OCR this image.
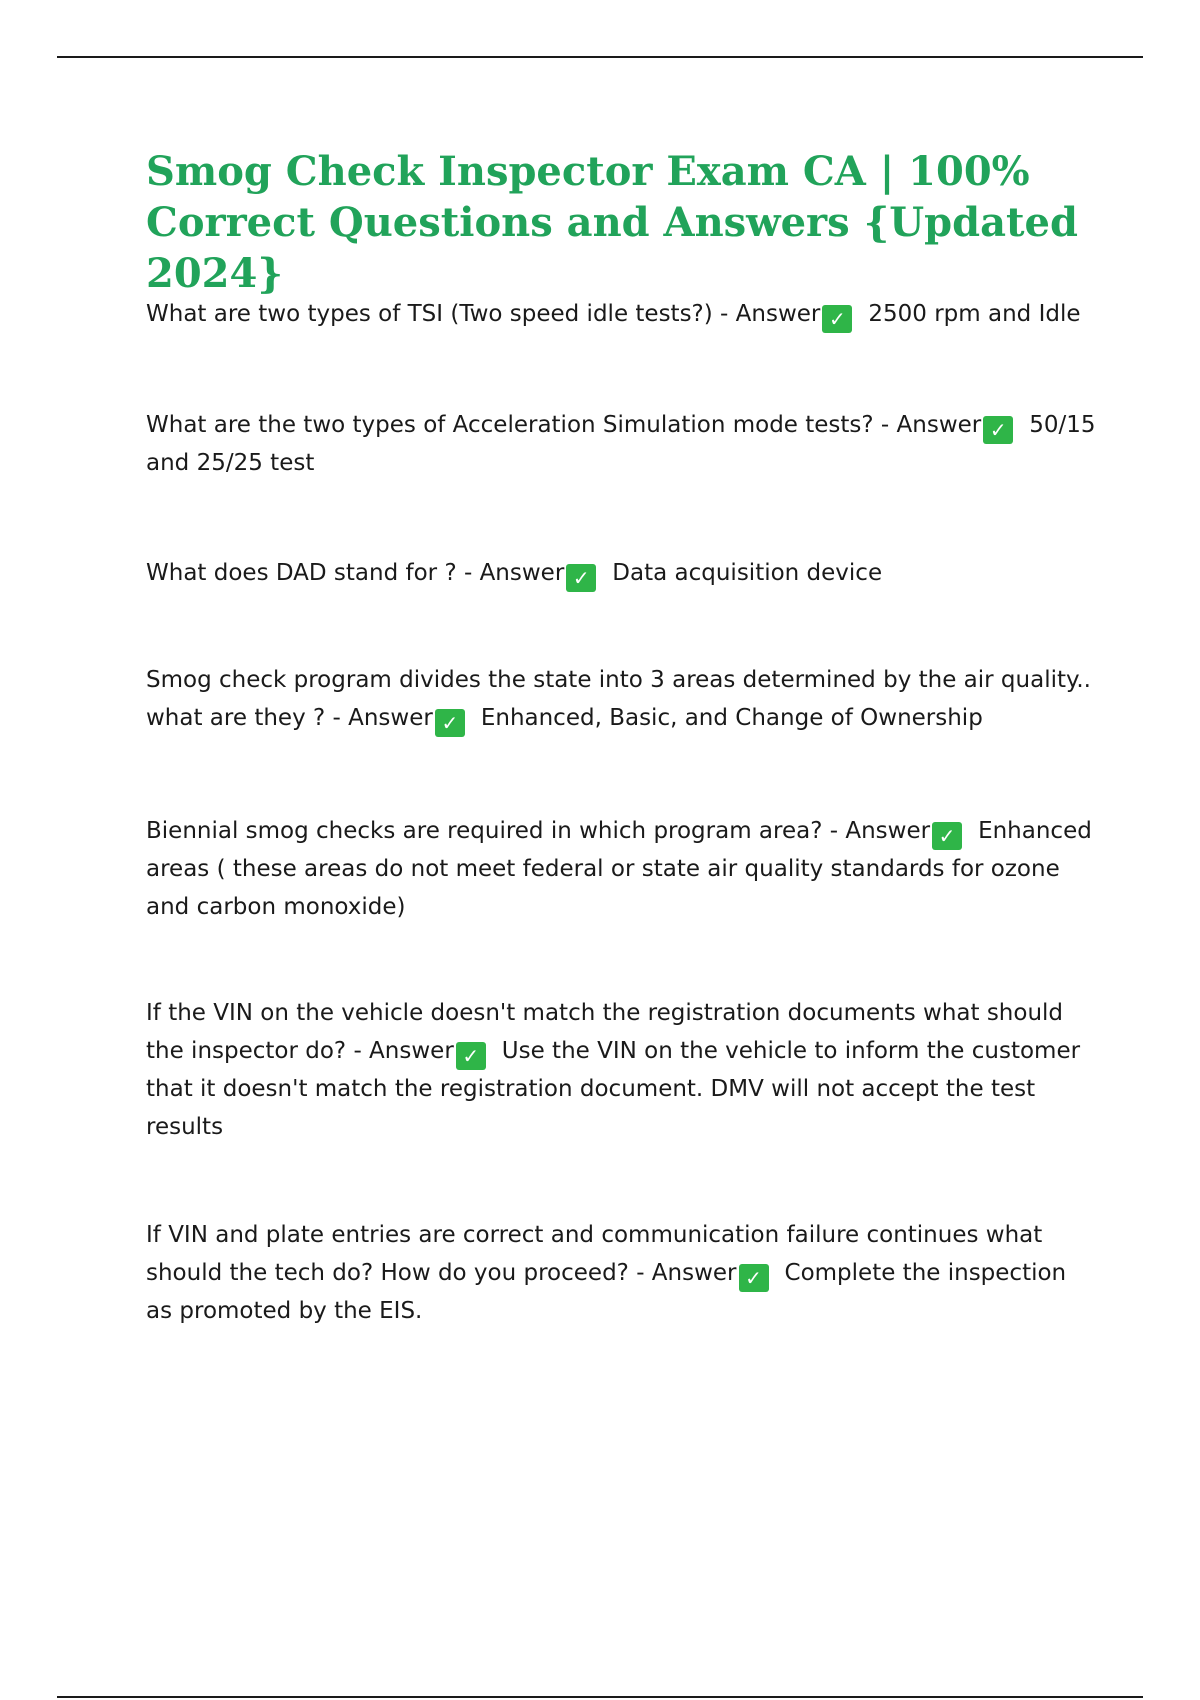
Smog Check Inspector Exam CA | 100% Correct Questions and Answers {Updated 2024}

What are two types of TSI (Two speed idle tests?) - Answer ✓ 2500 rpm and Idle

What are the two types of Acceleration Simulation mode tests? - Answer ✓ 50/15 and 25/25 test

What does DAD stand for ? - Answer ✓ Data acquisition device

Smog check program divides the state into 3 areas determined by the air quality.. what are they ? - Answer ✓ Enhanced, Basic, and Change of Ownership

Biennial smog checks are required in which program area? - Answer ✓ Enhanced areas ( these areas do not meet federal or state air quality standards for ozone and carbon monoxide)

If the VIN on the vehicle doesn't match the registration documents what should the inspector do? - Answer ✓ Use the VIN on the vehicle to inform the customer that it doesn't match the registration document. DMV will not accept the test results

If VIN and plate entries are correct and communication failure continues what should the tech do? How do you proceed? - Answer ✓ Complete the inspection as promoted by the EIS.
